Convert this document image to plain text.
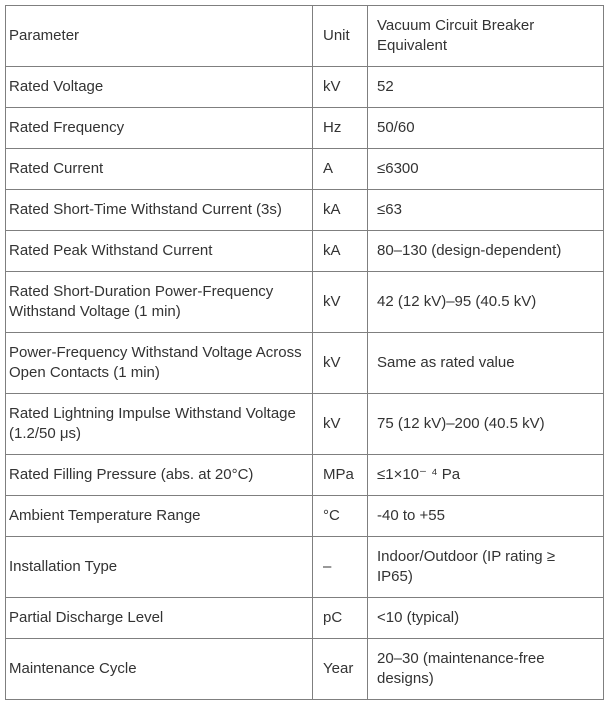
Parameter	Unit	Vacuum Circuit Breaker Equivalent
Rated Voltage	kV	52
Rated Frequency	Hz	50/60
Rated Current	A	≤6300
Rated Short-Time Withstand Current (3s)	kA	≤63
Rated Peak Withstand Current	kA	80–130 (design-dependent)
Rated Short-Duration Power-Frequency Withstand Voltage (1 min)	kV	42 (12 kV)–95 (40.5 kV)
Power-Frequency Withstand Voltage Across Open Contacts (1 min)	kV	Same as rated value
Rated Lightning Impulse Withstand Voltage (1.2/50 μs)	kV	75 (12 kV)–200 (40.5 kV)
Rated Filling Pressure (abs. at 20°C)	MPa	≤1×10⁻ ⁴ Pa
Ambient Temperature Range	°C	-40 to +55
Installation Type	–	Indoor/Outdoor (IP rating ≥ IP65)
Partial Discharge Level	pC	<10 (typical)
Maintenance Cycle	Year	20–30 (maintenance-free designs)
